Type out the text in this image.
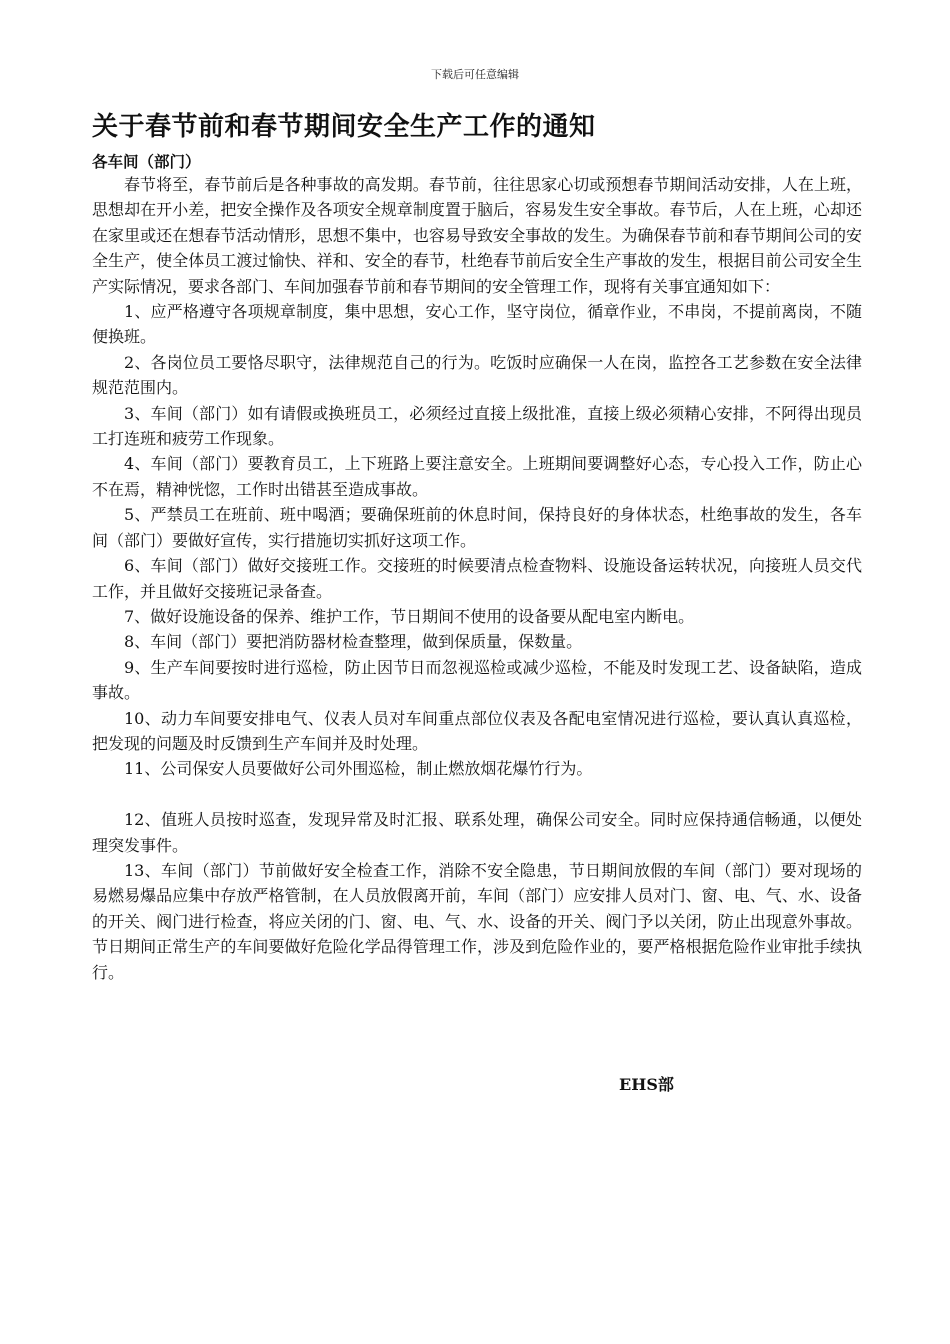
下载后可任意编辑
关于春节前和春节期间安全生产工作的通知
各车间（部门）

春节将至，春节前后是各种事故的高发期。春节前，往往思家心切或预想春节期间活动安排，人在上班，思想却在开小差，把安全操作及各项安全规章制度置于脑后，容易发生安全事故。春节后，人在上班，心却还在家里或还在想春节活动情形，思想不集中，也容易导致安全事故的发生。为确保春节前和春节期间公司的安全生产，使全体员工渡过愉快、祥和、安全的春节，杜绝春节前后安全生产事故的发生，根据目前公司安全生产实际情况，要求各部门、车间加强春节前和春节期间的安全管理工作，现将有关事宜通知如下：

1、应严格遵守各项规章制度，集中思想，安心工作，坚守岗位，循章作业，不串岗，不提前离岗，不随便换班。

2、各岗位员工要恪尽职守，法律规范自己的行为。吃饭时应确保一人在岗，监控各工艺参数在安全法律规范范围内。

3、车间（部门）如有请假或换班员工，必须经过直接上级批准，直接上级必须精心安排，不阿得出现员工打连班和疲劳工作现象。

4、车间（部门）要教育员工，上下班路上要注意安全。上班期间要调整好心态，专心投入工作，防止心不在焉，精神恍惚，工作时出错甚至造成事故。

5、严禁员工在班前、班中喝酒；要确保班前的休息时间，保持良好的身体状态，杜绝事故的发生，各车间（部门）要做好宣传，实行措施切实抓好这项工作。

6、车间（部门）做好交接班工作。交接班的时候要清点检查物料、设施设备运转状况，向接班人员交代工作，并且做好交接班记录备查。

7、做好设施设备的保养、维护工作，节日期间不使用的设备要从配电室内断电。

8、车间（部门）要把消防器材检查整理，做到保质量，保数量。

9、生产车间要按时进行巡检，防止因节日而忽视巡检或减少巡检，不能及时发现工艺、设备缺陷，造成事故。

10、动力车间要安排电气、仪表人员对车间重点部位仪表及各配电室情况进行巡检，要认真认真巡检，把发现的问题及时反馈到生产车间并及时处理。

11、公司保安人员要做好公司外围巡检，制止燃放烟花爆竹行为。

12、值班人员按时巡查，发现异常及时汇报、联系处理，确保公司安全。同时应保持通信畅通，以便处理突发事件。

13、车间（部门）节前做好安全检查工作，消除不安全隐患，节日期间放假的车间（部门）要对现场的易燃易爆品应集中存放严格管制，在人员放假离开前，车间（部门）应安排人员对门、窗、电、气、水、设备的开关、阀门进行检查，将应关闭的门、窗、电、气、水、设备的开关、阀门予以关闭，防止出现意外事故。节日期间正常生产的车间要做好危险化学品得管理工作，涉及到危险作业的，要严格根据危险作业审批手续执行。

EHS部
